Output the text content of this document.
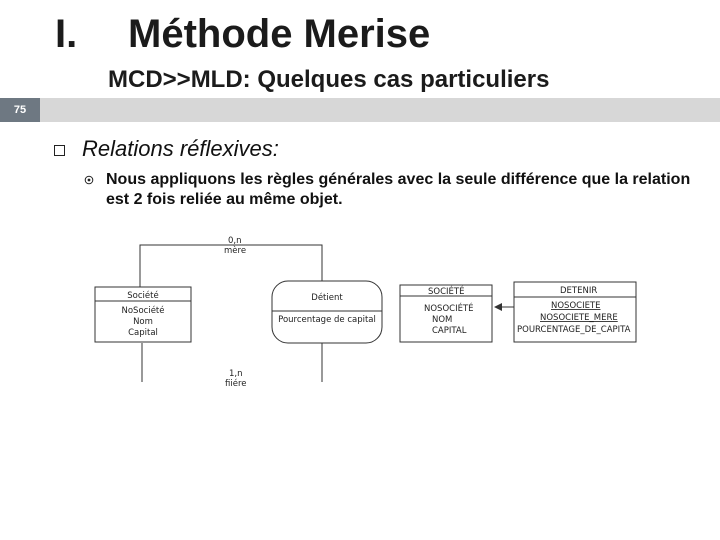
I. Méthode Merise
MCD>>MLD: Quelques cas particuliers
75
Relations réflexives:
Nous appliquons les règles générales avec la seule différence que la relation est 2 fois reliée au même objet.
0,n
mère
1,n
fiiére
Société
NoSociété
Nom
Capital
Détient
Pourcentage de capital
SOCIÉTÉ
NOSOCIÉTÉ
NOM
CAPITAL
DETENIR
NOSOCIETE
NOSOCIETE_MERE
POURCENTAGE_DE_CAPITA
